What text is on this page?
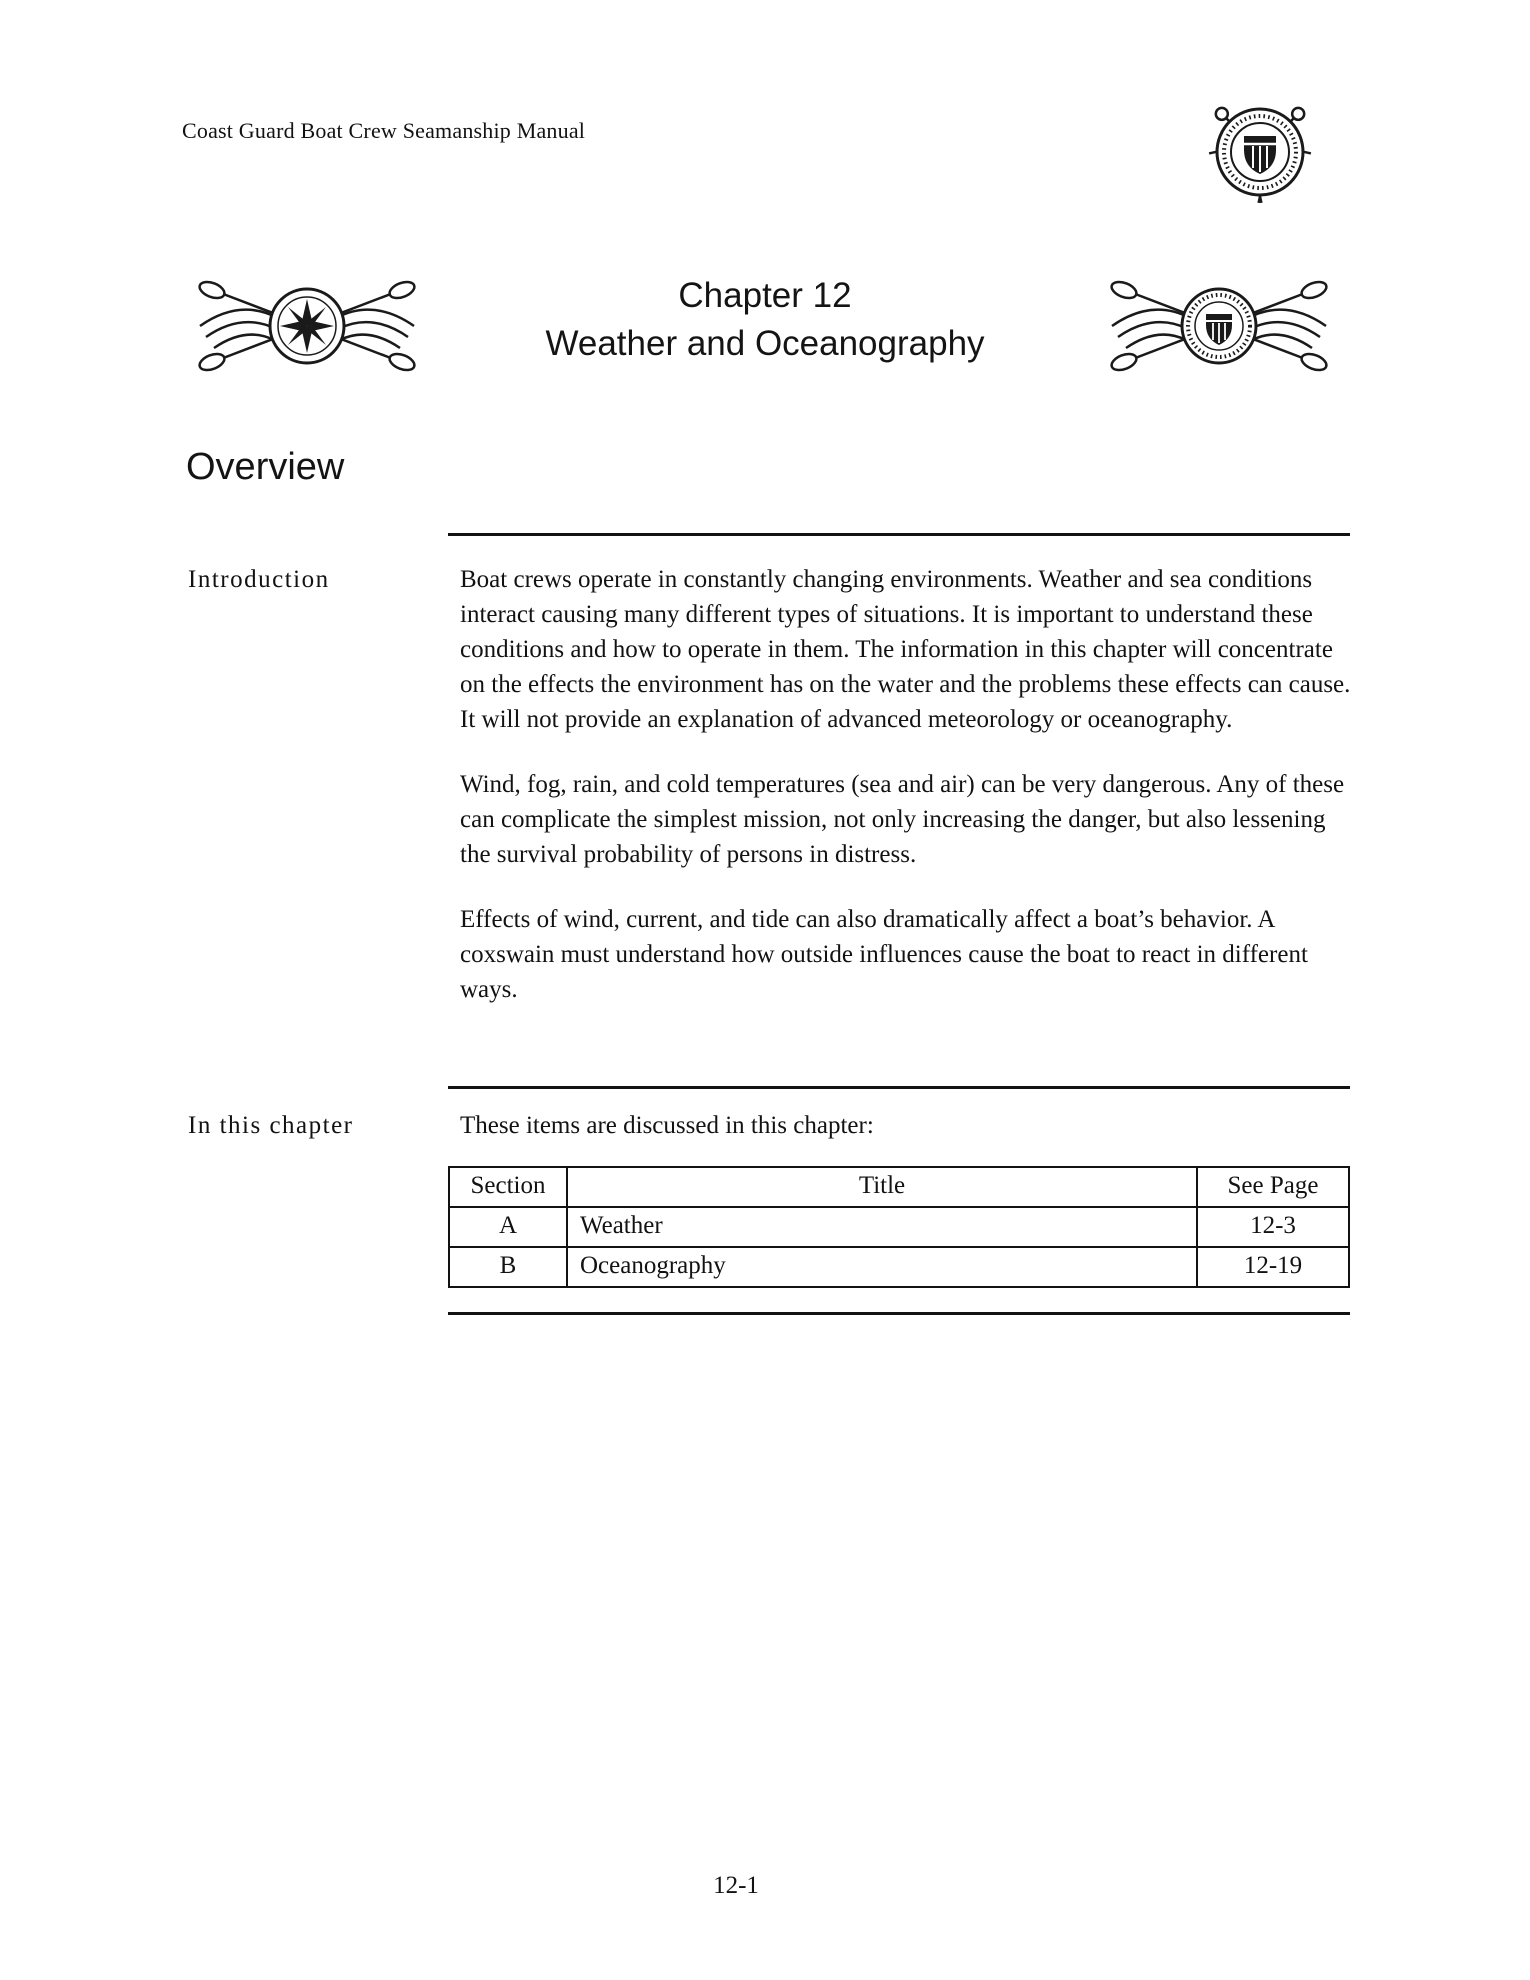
Coast Guard Boat Crew Seamanship Manual
Chapter 12
Weather and Oceanography
Overview
Introduction	Boat crews operate in constantly changing environments. Weather and sea conditions interact causing many different types of situations. It is important to understand these conditions and how to operate in them. The information in this chapter will concentrate on the effects the environment has on the water and the problems these effects can cause. It will not provide an explanation of advanced meteorology or oceanography.

Wind, fog, rain, and cold temperatures (sea and air) can be very dangerous. Any of these can complicate the simplest mission, not only increasing the danger, but also lessening the survival probability of persons in distress.

Effects of wind, current, and tide can also dramatically affect a boat’s behavior. A coxswain must understand how outside influences cause the boat to react in different ways.

In this chapter	These items are discussed in this chapter:
Section	Title	See Page
A	Weather	12-3
B	Oceanography	12-19
12-1
